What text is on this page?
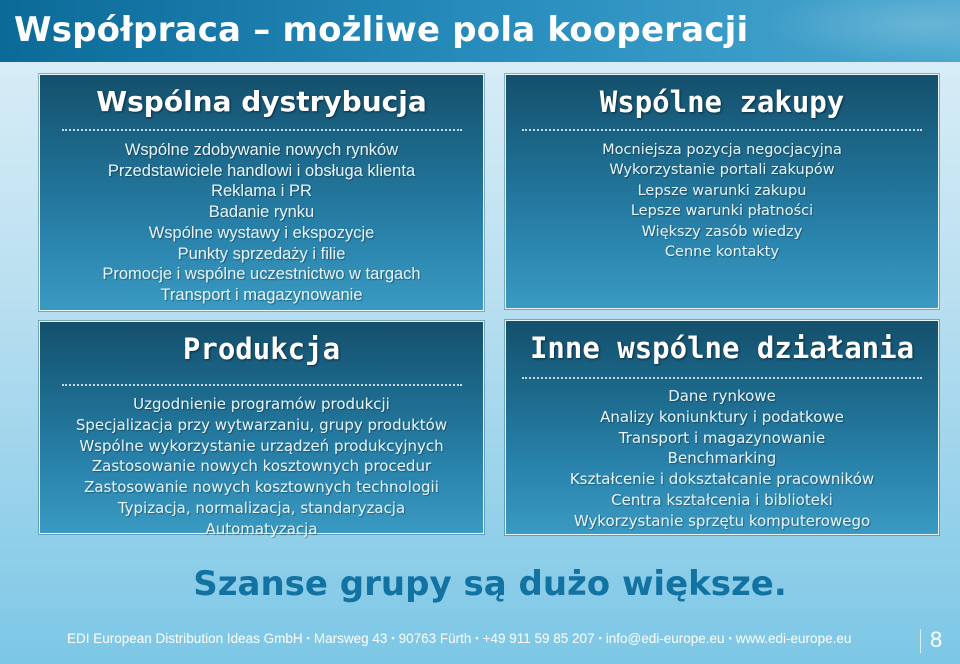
Współpraca – możliwe pola kooperacji
Wspólna dystrybucja
Wspólne zdobywanie nowych rynków
Przedstawiciele handlowi i obsługa klienta
Reklama i PR
Badanie rynku
Wspólne wystawy i ekspozycje
Punkty sprzedaży i filie
Promocje i wspólne uczestnictwo w targach
Transport i magazynowanie
Wspólne zakupy
Mocniejsza pozycja negocjacyjna
Wykorzystanie portali zakupów
Lepsze warunki zakupu
Lepsze warunki płatności
Większy zasób wiedzy
Cenne kontakty
Produkcja
Uzgodnienie programów produkcji
Specjalizacja przy wytwarzaniu, grupy produktów
Wspólne wykorzystanie urządzeń produkcyjnych
Zastosowanie nowych kosztownych procedur
Zastosowanie nowych kosztownych technologii
Typizacja, normalizacja, standaryzacja
Automatyzacja
Inne wspólne działania
Dane rynkowe
Analizy koniunktury i podatkowe
Transport i magazynowanie
Benchmarking
Kształcenie i dokształcanie pracowników
Centra kształcenia i biblioteki
Wykorzystanie sprzętu komputerowego
Szanse grupy są dużo większe.
EDI European Distribution Ideas GmbH ▪ Marsweg 43 ▪ 90763 Fürth ▪ +49 911 59 85 207 ▪ info@edi-europe.eu ▪ www.edi-europe.eu	8
